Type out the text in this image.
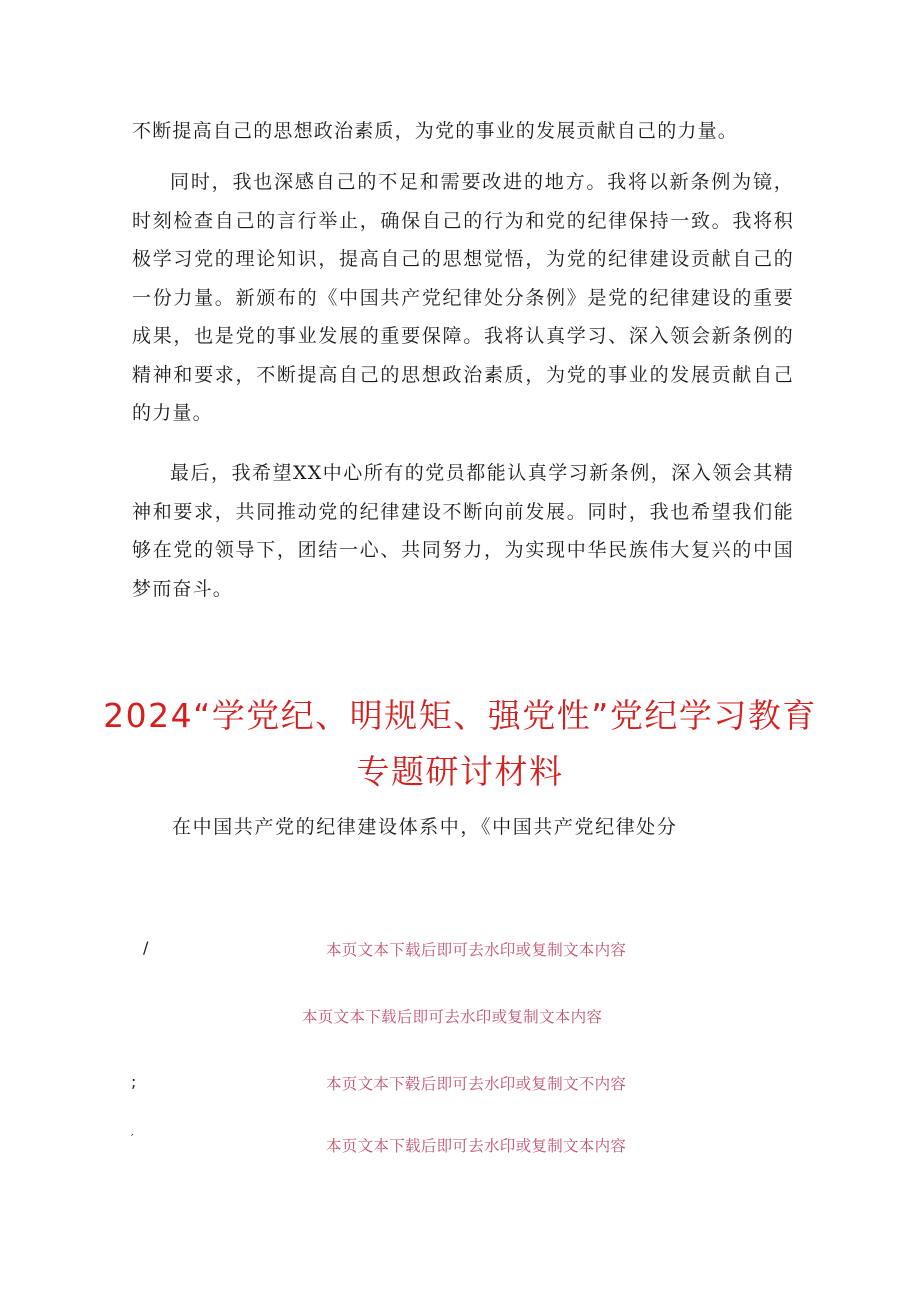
不断提高自己的思想政治素质，为党的事业的发展贡献自己的力量。

同时，我也深感自己的不足和需要改进的地方。我将以新条例为镜，时刻检查自己的言行举止，确保自己的行为和党的纪律保持一致。我将积极学习党的理论知识，提高自己的思想觉悟，为党的纪律建设贡献自己的一份力量。新颁布的《中国共产党纪律处分条例》是党的纪律建设的重要成果，也是党的事业发展的重要保障。我将认真学习、深入领会新条例的精神和要求，不断提高自己的思想政治素质，为党的事业的发展贡献自己的力量。

最后，我希望XX中心所有的党员都能认真学习新条例，深入领会其精神和要求，共同推动党的纪律建设不断向前发展。同时，我也希望我们能够在党的领导下，团结一心、共同努力，为实现中华民族伟大复兴的中国梦而奋斗。

2024“学党纪、明规矩、强党性”党纪学习教育专题研讨材料

在中国共产党的纪律建设体系中，《中国共产党纪律处分

/	本页文本下载后即可去水印或复制文本内容
本页文本下载后即可去水印或复制文本内容
;	本页文本下毂后即可去水印或复制文不内容
′	本页文本下载后即可去水印或复制文本内容
